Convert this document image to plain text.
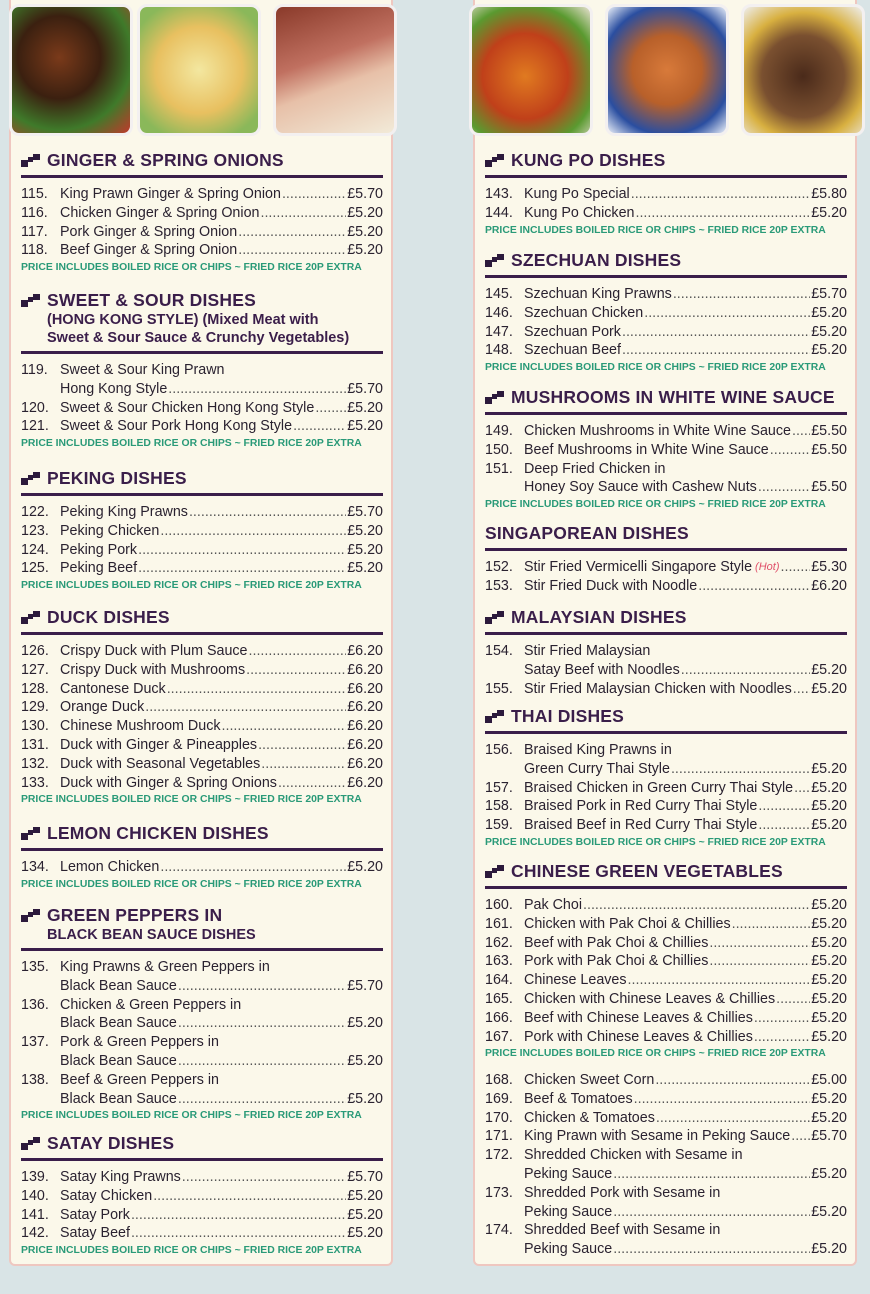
GINGER & SPRING ONIONS
115. King Prawn Ginger & Spring Onion .....	£5.70
116. Chicken Ginger & Spring Onion .....	£5.20
117. Pork Ginger & Spring Onion .....	£5.20
118. Beef Ginger & Spring Onion .....	£5.20
PRICE INCLUDES BOILED RICE OR CHIPS ~ FRIED RICE 20P EXTRA
SWEET & SOUR DISHES
(HONG KONG STYLE) (Mixed Meat with
Sweet & Sour Sauce & Crunchy Vegetables)
119. Sweet & Sour King Prawn
Hong Kong Style .....	£5.70
120. Sweet & Sour Chicken Hong Kong Style ..... £5.20
121. Sweet & Sour Pork Hong Kong Style .....	£5.20
PRICE INCLUDES BOILED RICE OR CHIPS ~ FRIED RICE 20P EXTRA
PEKING DISHES
122. Peking King Prawns .....	£5.70
123. Peking Chicken .....	£5.20
124. Peking Pork .....	£5.20
125. Peking Beef .....	£5.20
PRICE INCLUDES BOILED RICE OR CHIPS ~ FRIED RICE 20P EXTRA
DUCK DISHES
126. Crispy Duck with Plum Sauce .....	£6.20
127. Crispy Duck with Mushrooms .....	£6.20
128. Cantonese Duck .....	£6.20
129. Orange Duck .....	£6.20
130. Chinese Mushroom Duck .....	£6.20
131. Duck with Ginger & Pineapples .....	£6.20
132. Duck with Seasonal Vegetables .....	£6.20
133. Duck with Ginger & Spring Onions .....	£6.20
PRICE INCLUDES BOILED RICE OR CHIPS ~ FRIED RICE 20P EXTRA
LEMON CHICKEN DISHES
134. Lemon Chicken .....	£5.20
PRICE INCLUDES BOILED RICE OR CHIPS ~ FRIED RICE 20P EXTRA
GREEN PEPPERS IN
BLACK BEAN SAUCE DISHES
135. King Prawns & Green Peppers in
Black Bean Sauce .....	£5.70
136. Chicken & Green Peppers in
Black Bean Sauce .....	£5.20
137. Pork & Green Peppers in
Black Bean Sauce .....	£5.20
138. Beef & Green Peppers in
Black Bean Sauce .....	£5.20
PRICE INCLUDES BOILED RICE OR CHIPS ~ FRIED RICE 20P EXTRA
SATAY DISHES
139. Satay King Prawns .....	£5.70
140. Satay Chicken .....	£5.20
141. Satay Pork .....	£5.20
142. Satay Beef .....	£5.20
PRICE INCLUDES BOILED RICE OR CHIPS ~ FRIED RICE 20P EXTRA
KUNG PO DISHES
143. Kung Po Special .....	£5.80
144. Kung Po Chicken .....	£5.20
PRICE INCLUDES BOILED RICE OR CHIPS ~ FRIED RICE 20P EXTRA
SZECHUAN DISHES
145. Szechuan King Prawns .....	£5.70
146. Szechuan Chicken .....	£5.20
147. Szechuan Pork .....	£5.20
148. Szechuan Beef .....	£5.20
PRICE INCLUDES BOILED RICE OR CHIPS ~ FRIED RICE 20P EXTRA
MUSHROOMS IN WHITE WINE SAUCE
149. Chicken Mushrooms in White Wine Sauce ..... £5.50
150. Beef Mushrooms in White Wine Sauce .....	£5.50
151. Deep Fried Chicken in
Honey Soy Sauce with Cashew Nuts .....	£5.50
PRICE INCLUDES BOILED RICE OR CHIPS ~ FRIED RICE 20P EXTRA
SINGAPOREAN DISHES
152. Stir Fried Vermicelli Singapore Style (Hot) ..... £5.30
153. Stir Fried Duck with Noodle .....	£6.20
MALAYSIAN DISHES
154. Stir Fried Malaysian
Satay Beef with Noodles .....	£5.20
155. Stir Fried Malaysian Chicken with Noodles ..... £5.20
THAI DISHES
156. Braised King Prawns in
Green Curry Thai Style .....	£5.20
157. Braised Chicken in Green Curry Thai Style ..... £5.20
158. Braised Pork in Red Curry Thai Style .....	£5.20
159. Braised Beef in Red Curry Thai Style .....	£5.20
PRICE INCLUDES BOILED RICE OR CHIPS ~ FRIED RICE 20P EXTRA
CHINESE GREEN VEGETABLES
160. Pak Choi .....	£5.20
161. Chicken with Pak Choi & Chillies .....	£5.20
162. Beef with Pak Choi & Chillies .....	£5.20
163. Pork with Pak Choi & Chillies .....	£5.20
164. Chinese Leaves .....	£5.20
165. Chicken with Chinese Leaves & Chillies .....	£5.20
166. Beef with Chinese Leaves & Chillies .....	£5.20
167. Pork with Chinese Leaves & Chillies .....	£5.20
PRICE INCLUDES BOILED RICE OR CHIPS ~ FRIED RICE 20P EXTRA
168. Chicken Sweet Corn .....	£5.00
169. Beef & Tomatoes .....	£5.20
170. Chicken & Tomatoes .....	£5.20
171. King Prawn with Sesame in Peking Sauce ..... £5.70
172. Shredded Chicken with Sesame in
Peking Sauce .....	£5.20
173. Shredded Pork with Sesame in
Peking Sauce .....	£5.20
174. Shredded Beef with Sesame in
Peking Sauce .....	£5.20
